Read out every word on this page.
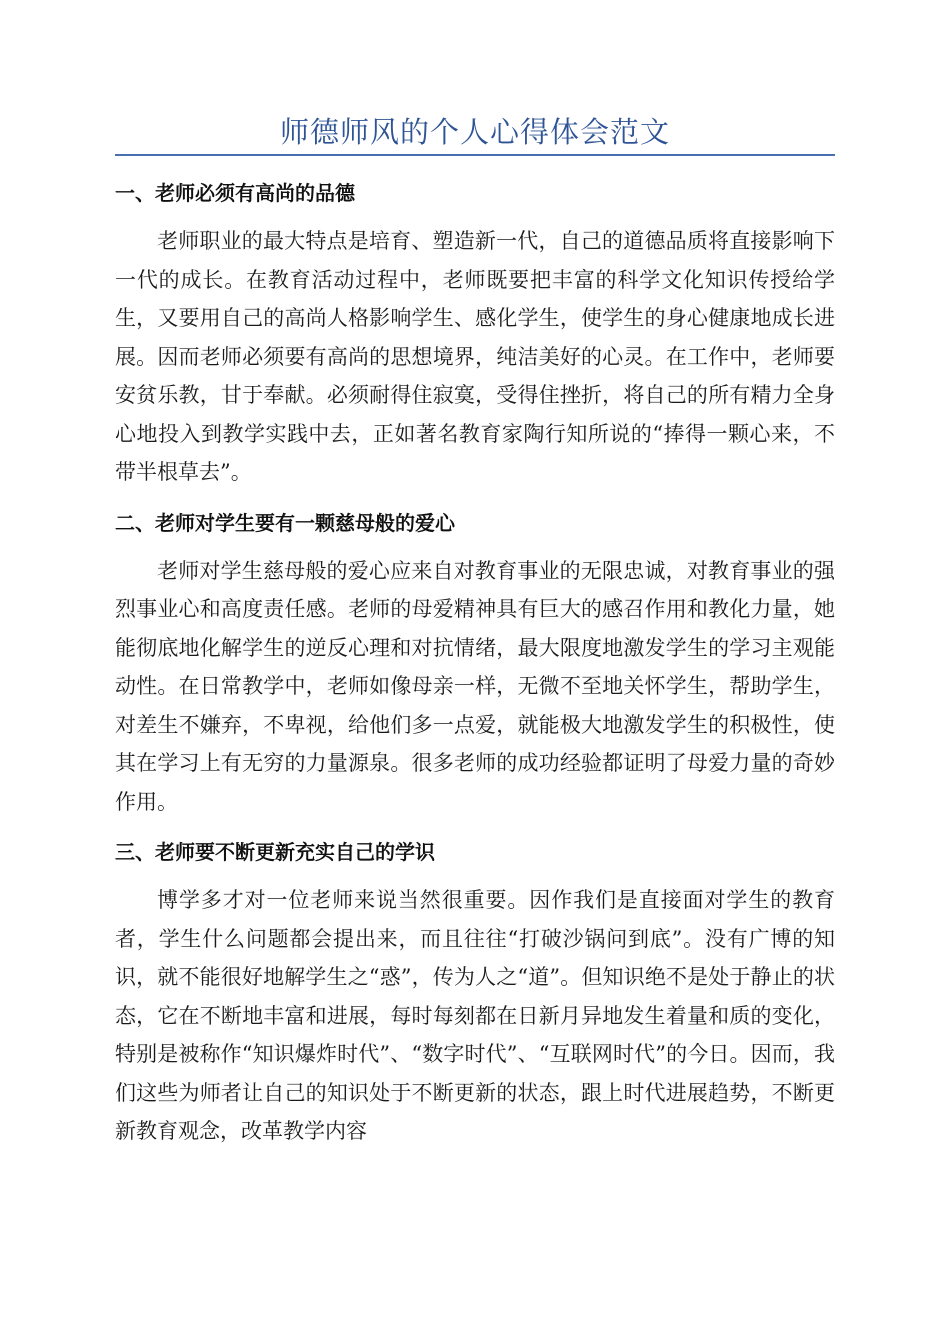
师德师风的个人心得体会范文
一、老师必须有高尚的品德

老师职业的最大特点是培育、塑造新一代，自己的道德品质将直接影响下一代的成长。在教育活动过程中，老师既要把丰富的科学文化知识传授给学生，又要用自己的高尚人格影响学生、感化学生，使学生的身心健康地成长进展。因而老师必须要有高尚的思想境界，纯洁美好的心灵。在工作中，老师要安贫乐教，甘于奉献。必须耐得住寂寞，受得住挫折，将自己的所有精力全身心地投入到教学实践中去，正如著名教育家陶行知所说的“捧得一颗心来，不带半根草去”。

二、老师对学生要有一颗慈母般的爱心

老师对学生慈母般的爱心应来自对教育事业的无限忠诚，对教育事业的强烈事业心和高度责任感。老师的母爱精神具有巨大的感召作用和教化力量，她能彻底地化解学生的逆反心理和对抗情绪，最大限度地激发学生的学习主观能动性。在日常教学中，老师如像母亲一样，无微不至地关怀学生，帮助学生，对差生不嫌弃，不卑视，给他们多一点爱，就能极大地激发学生的积极性，使其在学习上有无穷的力量源泉。很多老师的成功经验都证明了母爱力量的奇妙作用。

三、老师要不断更新充实自己的学识

博学多才对一位老师来说当然很重要。因作我们是直接面对学生的教育者，学生什么问题都会提出来，而且往往“打破沙锅问到底”。没有广博的知识，就不能很好地解学生之“惑”，传为人之“道”。但知识绝不是处于静止的状态，它在不断地丰富和进展，每时每刻都在日新月异地发生着量和质的变化，特别是被称作“知识爆炸时代”、“数字时代”、“互联网时代”的今日。因而，我们这些为师者让自己的知识处于不断更新的状态，跟上时代进展趋势，不断更新教育观念，改革教学内容
